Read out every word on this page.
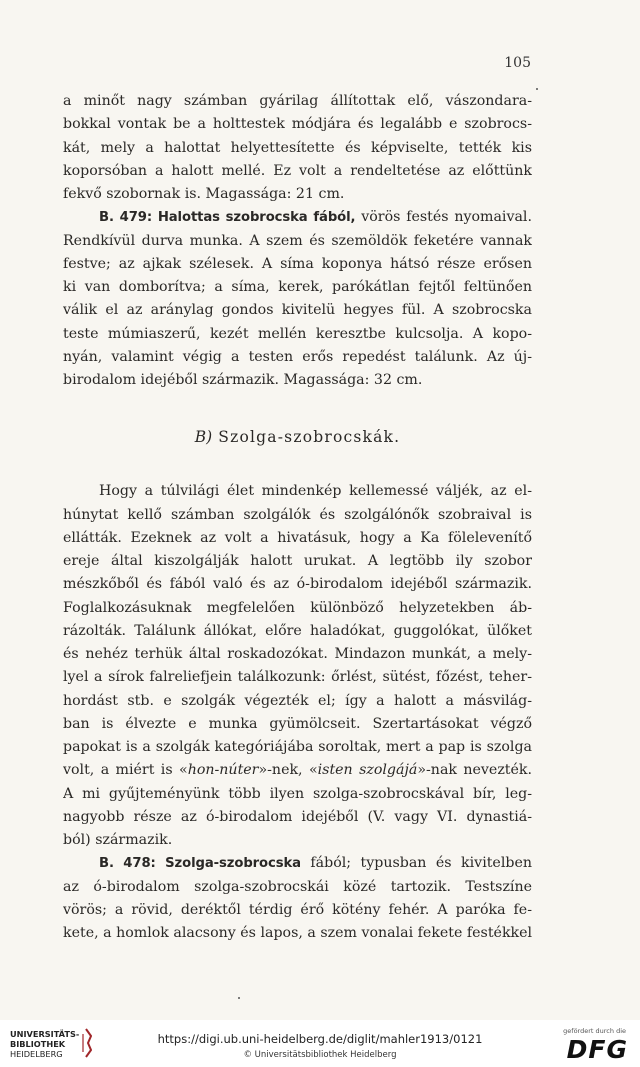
105
a minőt nagy számban gyárilag állítottak elő, vászondara-
bokkal vontak be a holttestek módjára és legalább e szobrocs-
kát, mely a halottat helyettesítette és képviselte, tették kis
koporsóban a halott mellé. Ez volt a rendeltetése az előttünk
fekvő szobornak is. Magassága: 21 cm.
B. 479: Halottas szobrocska fából, vörös festés nyomaival.
Rendkívül durva munka. A szem és szemöldök feketére vannak
festve; az ajkak szélesek. A síma koponya hátsó része erősen
ki van domborítva; a síma, kerek, parókátlan fejtől feltünően
válik el az aránylag gondos kivitelü hegyes fül. A szobrocska
teste múmiaszerű, kezét mellén keresztbe kulcsolja. A kopo-
nyán, valamint végig a testen erős repedést találunk. Az új-
birodalom idejéből származik. Magassága: 32 cm.
B) Szolga-szobrocskák.
Hogy a túlvilági élet mindenkép kellemessé váljék, az el-
húnytat kellő számban szolgálók és szolgálónők szobraival is
ellátták. Ezeknek az volt a hivatásuk, hogy a Ka fölelevenítő
ereje által kiszolgálják halott urukat. A legtöbb ily szobor
mészkőből és fából való és az ó-birodalom idejéből származik.
Foglalkozásuknak megfelelően különböző helyzetekben áb-
rázolták. Találunk állókat, előre haladókat, guggolókat, ülőket
és nehéz terhük által roskadozókat. Mindazon munkát, a mely-
lyel a sírok falreliefjein találkozunk: őrlést, sütést, főzést, teher-
hordást stb. e szolgák végezték el; így a halott a másvilág-
ban is élvezte e munka gyümölcseit. Szertartásokat végző
papokat is a szolgák kategóriájába soroltak, mert a pap is szolga
volt, a miért is «hon-núter»-nek, «isten szolgájá»-nak nevezték.
A mi gyűjteményünk több ilyen szolga-szobrocskával bír, leg-
nagyobb része az ó-birodalom idejéből (V. vagy VI. dynastiá-
ból) származik.
B. 478: Szolga-szobrocska fából; typusban és kivitelben
az ó-birodalom szolga-szobrocskái közé tartozik. Testszíne
vörös; a rövid, deréktől térdig érő kötény fehér. A paróka fe-
kete, a homlok alacsony és lapos, a szem vonalai fekete festékkel
UNIVERSITÄTS-
BIBLIOTHEK
HEIDELBERG
https://digi.ub.uni-heidelberg.de/diglit/mahler1913/0121
© Universitätsbibliothek Heidelberg
gefördert durch die
DFG
